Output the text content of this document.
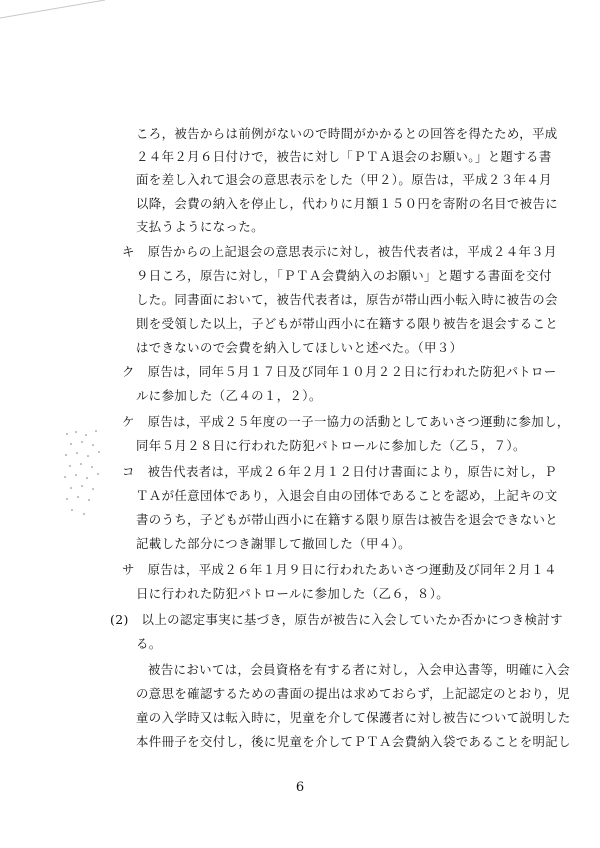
ころ，被告からは前例がないので時間がかかるとの回答を得たため，平成
２４年２月６日付けで，被告に対し「ＰＴＡ退会のお願い。」と題する書
面を差し入れて退会の意思表示をした（甲２）。原告は，平成２３年４月
以降，会費の納入を停止し，代わりに月額１５０円を寄附の名目で被告に
支払うようになった。
キ　原告からの上記退会の意思表示に対し，被告代表者は，平成２４年３月
９日ころ，原告に対し，「ＰＴＡ会費納入のお願い」と題する書面を交付
した。同書面において，被告代表者は，原告が帯山西小転入時に被告の会
則を受領した以上，子どもが帯山西小に在籍する限り被告を退会すること
はできないので会費を納入してほしいと述べた。（甲３）
ク　原告は，同年５月１７日及び同年１０月２２日に行われた防犯パトロー
ルに参加した（乙４の１，２）。
ケ　原告は，平成２５年度の一子一協力の活動としてあいさつ運動に参加し，
同年５月２８日に行われた防犯パトロールに参加した（乙５，７）。
コ　被告代表者は，平成２６年２月１２日付け書面により，原告に対し，Ｐ
ＴＡが任意団体であり，入退会自由の団体であることを認め，上記キの文
書のうち，子どもが帯山西小に在籍する限り原告は被告を退会できないと
記載した部分につき謝罪して撤回した（甲４）。
サ　原告は，平成２６年１月９日に行われたあいさつ運動及び同年２月１４
日に行われた防犯パトロールに参加した（乙６，８）。
(2)　以上の認定事実に基づき，原告が被告に入会していたか否かにつき検討す
る。
被告においては，会員資格を有する者に対し，入会申込書等，明確に入会
の意思を確認するための書面の提出は求めておらず，上記認定のとおり，児
童の入学時又は転入時に，児童を介して保護者に対し被告について説明した
本件冊子を交付し，後に児童を介してＰＴＡ会費納入袋であることを明記し
6
